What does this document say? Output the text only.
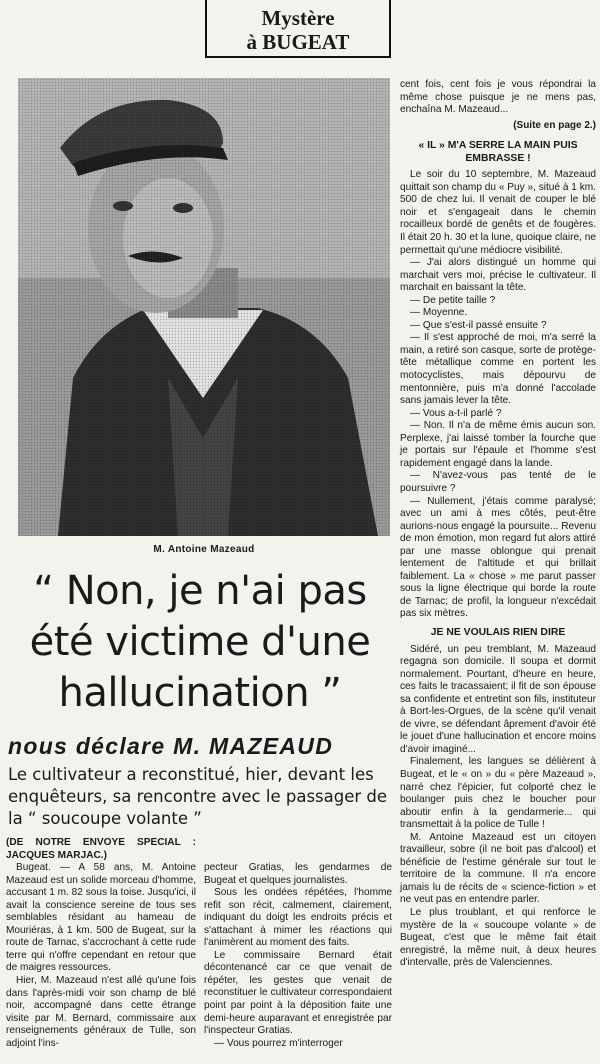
Mystère
à BUGEAT
M. Antoine Mazeaud
“ Non, je n'ai pas
été victime d'une
hallucination ”
nous déclare M. MAZEAUD
Le cultivateur a reconstitué, hier, devant les enquêteurs, sa rencontre avec le passager de la “ soucoupe volante ”

(DE NOTRE ENVOYE SPECIAL : JACQUES MARJAC.)

Bugeat. — A 58 ans, M. Antoine Mazeaud est un solide morceau d'homme, accusant 1 m. 82 sous la toise. Jusqu'ici, il avait la conscience sereine de tous ses semblables résidant au hameau de Mouriéras, à 1 km. 500 de Bugeat, sur la route de Tarnac, s'accrochant à cette rude terre qui n'offre cependant en retour que de maigres ressources.

Hier, M. Mazeaud n'est allé qu'une fois dans l'après-midi voir son champ de blé noir, accompagné dans cette étrange visite par M. Bernard, commissaire aux renseignements généraux de Tulle, son adjoint l'ins-

pecteur Gratias, les gendarmes de Bugeat et quelques journalistes.

Sous les ondées répétées, l'homme refit son récit, calmement, clairement, indiquant du doigt les endroits précis et s'attachant à mimer les réactions qui l'animèrent au moment des faits.

Le commissaire Bernard était décontenancé car ce que venait de répéter, les gestes que venait de reconstituer le cultivateur correspondaient point par point à la déposition faite une demi-heure auparavant et enregistrée par l'inspecteur Gratias.

— Vous pourrez m'interroger

cent fois, cent fois je vous répondrai la même chose puisque je ne mens pas, enchaîna M. Mazeaud...

(Suite en page 2.)
« IL » M'A SERRE LA MAIN PUIS EMBRASSE !

Le soir du 10 septembre, M. Mazeaud quittait son champ du « Puy », situé à 1 km. 500 de chez lui. Il venait de couper le blé noir et s'engageait dans le chemin rocailleux bordé de genêts et de fougères. Il était 20 h. 30 et la lune, quoique claire, ne permettait qu'une médiocre visibilité.

— J'ai alors distingué un homme qui marchait vers moi, précise le cultivateur. Il marchait en baissant la tête.

— De petite taille ?

— Moyenne.

— Que s'est-il passé ensuite ?

— Il s'est approché de moi, m'a serré la main, a retiré son casque, sorte de protège-tête métallique comme en portent les motocyclistes, mais dépourvu de mentonnière, puis m'a donné l'accolade sans jamais lever la tête.

— Vous a-t-il parlé ?

— Non. Il n'a de même émis aucun son. Perplexe, j'ai laissé tomber la fourche que je portais sur l'épaule et l'homme s'est rapidement engagé dans la lande.

— N'avez-vous pas tenté de le poursuivre ?

— Nullement, j'étais comme paralysé; avec un ami à mes côtés, peut-être aurions-nous engagé la poursuite... Revenu de mon émotion, mon regard fut alors attiré par une masse oblongue qui prenait lentement de l'altitude et qui brillait faiblement. La « chose » me parut passer sous la ligne électrique qui borde la route de Tarnac; de profil, la longueur n'excédait pas six mètres.

JE NE VOULAIS RIEN DIRE

Sidéré, un peu tremblant, M. Mazeaud regagna son domicile. Il soupa et dormit normalement. Pourtant, d'heure en heure, ces faits le tracassaient; il fit de son épouse sa confidente et entretint son fils, instituteur à Bort-les-Orgues, de la scène qu'il venait de vivre, se défendant âprement d'avoir été le jouet d'une hallucination et encore moins d'avoir imaginé...

Finalement, les langues se délièrent à Bugeat, et le « on » du « père Mazeaud », narré chez l'épicier, fut colporté chez le boulanger puis chez le boucher pour aboutir enfin à la gendarmerie... qui transmettait à la police de Tulle !

M. Antoine Mazeaud est un citoyen travailleur, sobre (il ne boit pas d'alcool) et bénéficie de l'estime générale sur tout le territoire de la commune. Il n'a encore jamais lu de récits de « science-fiction » et ne veut pas en entendre parler.

Le plus troublant, et qui renforce le mystère de la « soucoupe volante » de Bugeat, c'est que le même fait était enregistré, la même nuit, à deux heures d'intervalle, près de Valenciennes.
